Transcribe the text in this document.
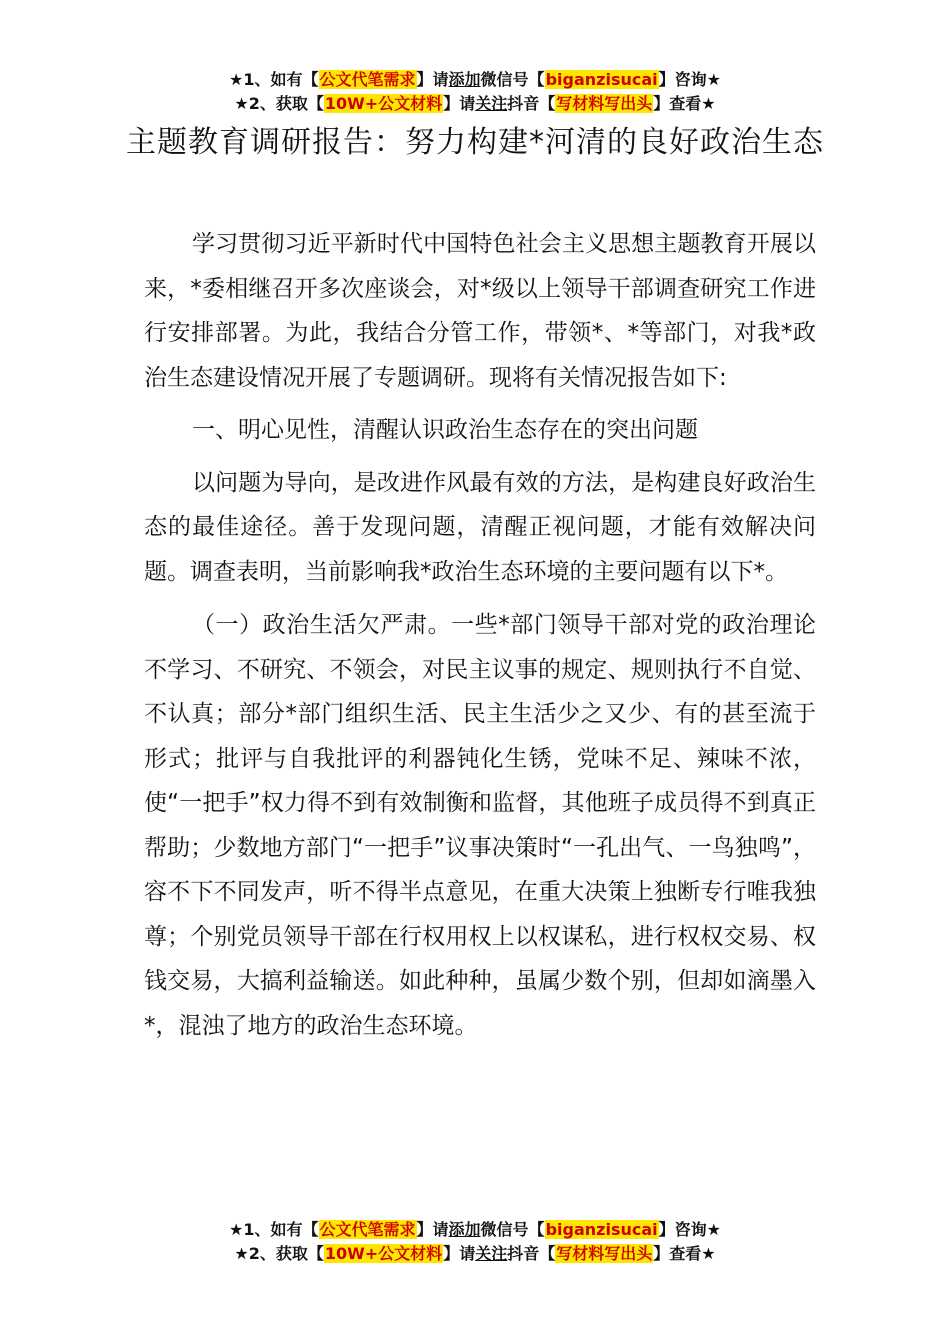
★1、如有【公文代笔需求】请添加微信号【biganzisucai】咨询★
★2、获取【10W+公文材料】请关注抖音【写材料写出头】查看★
主题教育调研报告：努力构建*河清的良好政治生态

学习贯彻习近平新时代中国特色社会主义思想主题教育开展以来，*委相继召开多次座谈会，对*级以上领导干部调查研究工作进行安排部署。为此，我结合分管工作，带领*、*等部门，对我*政治生态建设情况开展了专题调研。现将有关情况报告如下:

一、明心见性，清醒认识政治生态存在的突出问题

以问题为导向，是改进作风最有效的方法，是构建良好政治生态的最佳途径。善于发现问题，清醒正视问题，才能有效解决问题。调查表明，当前影响我*政治生态环境的主要问题有以下*。

（一）政治生活欠严肃。一些*部门领导干部对党的政治理论不学习、不研究、不领会，对民主议事的规定、规则执行不自觉、不认真；部分*部门组织生活、民主生活少之又少、有的甚至流于形式；批评与自我批评的利器钝化生锈，党味不足、辣味不浓，使“一把手”权力得不到有效制衡和监督，其他班子成员得不到真正帮助；少数地方部门“一把手”议事决策时“一孔出气、一鸟独鸣”，容不下不同发声，听不得半点意见，在重大决策上独断专行唯我独尊；个别党员领导干部在行权用权上以权谋私，进行权权交易、权钱交易，大搞利益输送。如此种种，虽属少数个别，但却如滴墨入*，混浊了地方的政治生态环境。

★1、如有【公文代笔需求】请添加微信号【biganzisucai】咨询★
★2、获取【10W+公文材料】请关注抖音【写材料写出头】查看★
